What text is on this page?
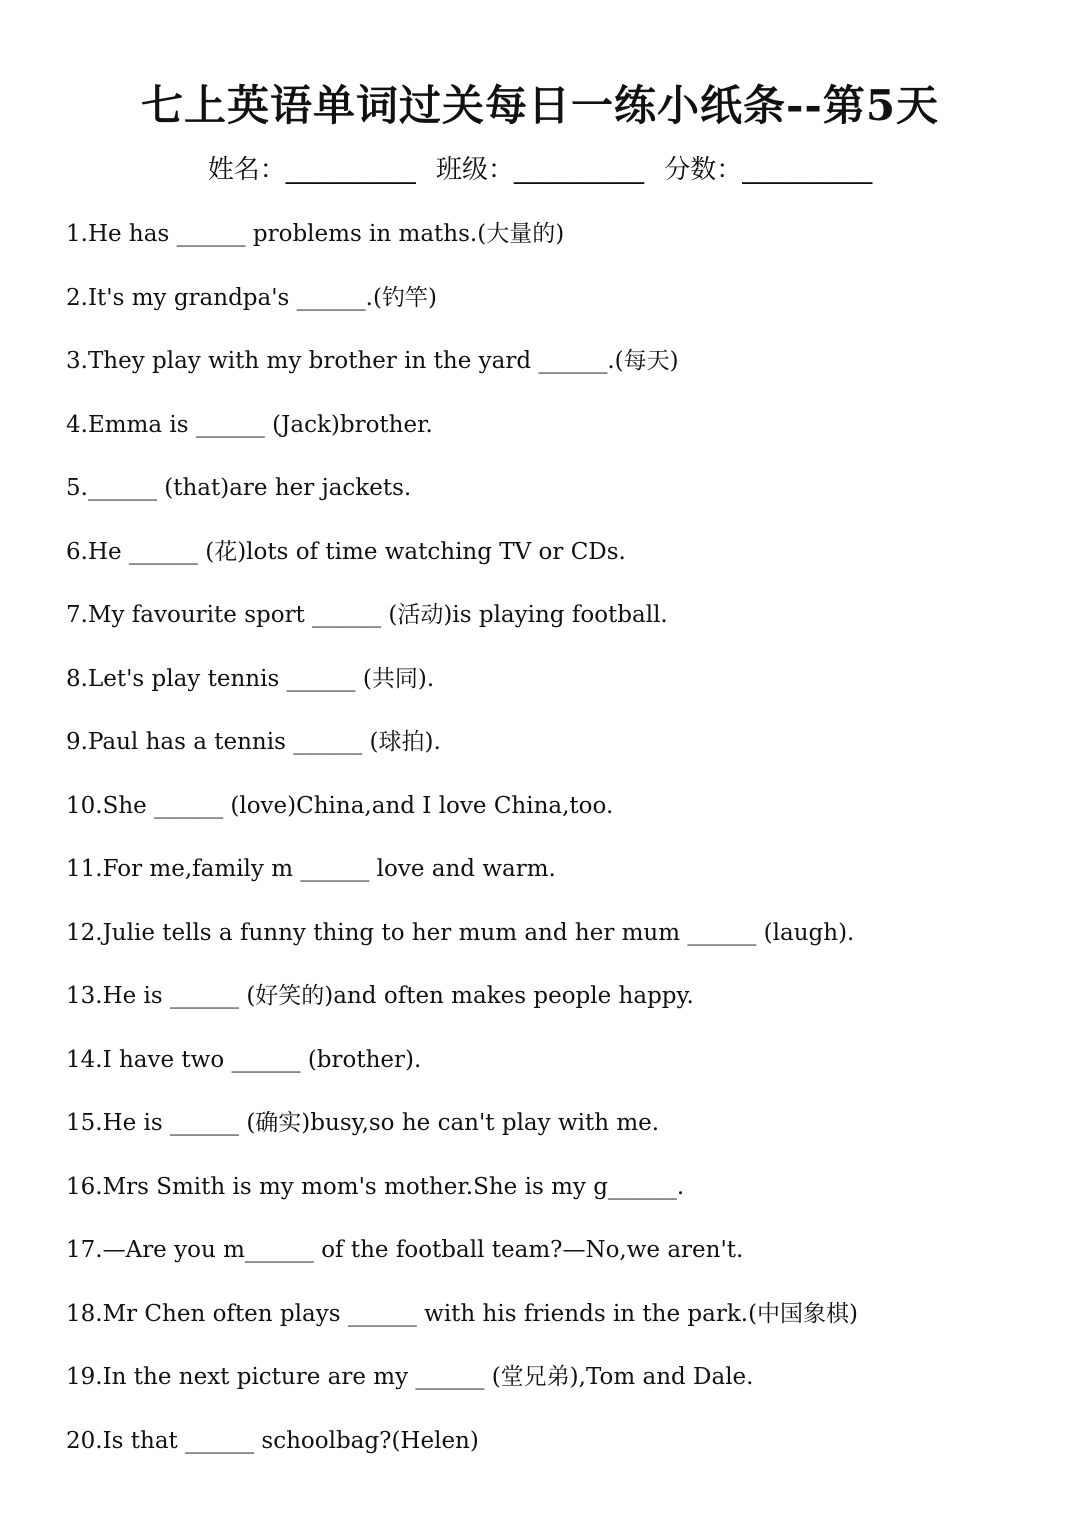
七上英语单词过关每日一练小纸条--第5天
姓名：__________ 班级：__________ 分数：__________
1.He has ______ problems in maths.(大量的)
2.It's my grandpa's ______.(钓竿)
3.They play with my brother in the yard ______.(每天)
4.Emma is ______ (Jack)brother.
5.______ (that)are her jackets.
6.He ______ (花)lots of time watching TV or CDs.
7.My favourite sport ______ (活动)is playing football.
8.Let's play tennis ______ (共同).
9.Paul has a tennis ______ (球拍).
10.She ______ (love)China,and I love China,too.
11.For me,family m ______ love and warm.
12.Julie tells a funny thing to her mum and her mum ______ (laugh).
13.He is ______ (好笑的)and often makes people happy.
14.I have two ______ (brother).
15.He is ______ (确实)busy,so he can't play with me.
16.Mrs Smith is my mom's mother.She is my g______.
17.—Are you m______ of the football team?—No,we aren't.
18.Mr Chen often plays ______ with his friends in the park.(中国象棋)
19.In the next picture are my ______ (堂兄弟),Tom and Dale.
20.Is that ______ schoolbag?(Helen)
